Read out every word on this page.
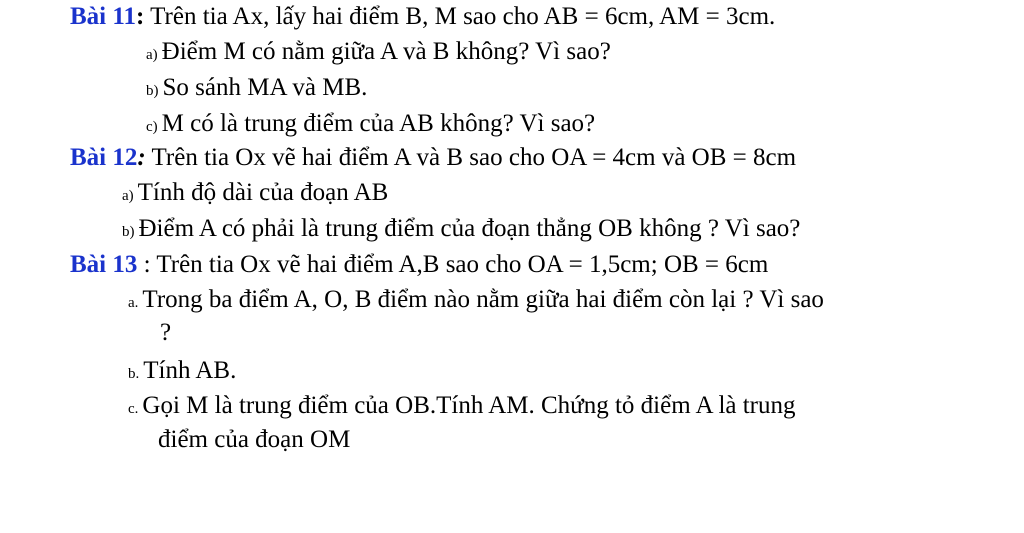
Bài 11: Trên tia Ax, lấy hai điểm B, M sao cho AB = 6cm, AM = 3cm.
a) Điểm M có nằm giữa A và B không? Vì sao?
b) So sánh MA và MB.
c) M có là trung điểm của AB không? Vì sao?
Bài 12: Trên tia Ox vẽ hai điểm A và B sao cho OA = 4cm và OB = 8cm
a) Tính độ dài của đoạn AB
b) Điểm A có phải là trung điểm của đoạn thẳng OB không ? Vì sao?
Bài 13 : Trên tia Ox vẽ hai điểm A,B sao cho OA = 1,5cm; OB = 6cm
a. Trong ba điểm A, O, B điểm nào nằm giữa hai điểm còn lại ? Vì sao
?
b. Tính AB.
c. Gọi M là trung điểm của OB.Tính AM. Chứng tỏ điểm A là trung
điểm của đoạn OM
